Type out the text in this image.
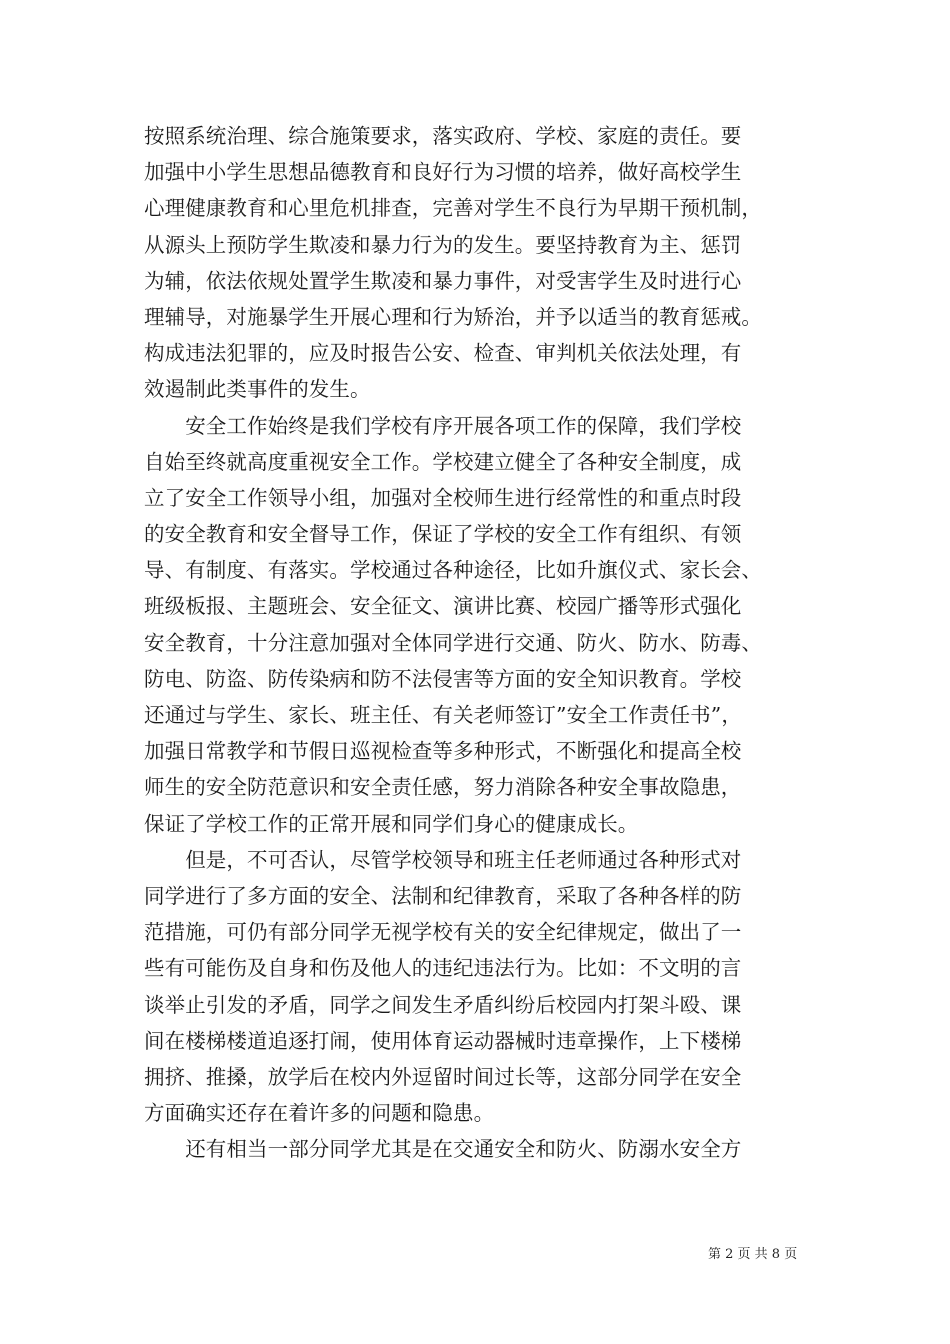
按照系统治理、综合施策要求，落实政府、学校、家庭的责任。要
加强中小学生思想品德教育和良好行为习惯的培养，做好高校学生
心理健康教育和心里危机排查，完善对学生不良行为早期干预机制，
从源头上预防学生欺凌和暴力行为的发生。要坚持教育为主、惩罚
为辅，依法依规处置学生欺凌和暴力事件，对受害学生及时进行心
理辅导，对施暴学生开展心理和行为矫治，并予以适当的教育惩戒。
构成违法犯罪的，应及时报告公安、检查、审判机关依法处理，有
效遏制此类事件的发生。
　　安全工作始终是我们学校有序开展各项工作的保障，我们学校
自始至终就高度重视安全工作。学校建立健全了各种安全制度，成
立了安全工作领导小组，加强对全校师生进行经常性的和重点时段
的安全教育和安全督导工作，保证了学校的安全工作有组织、有领
导、有制度、有落实。学校通过各种途径，比如升旗仪式、家长会、
班级板报、主题班会、安全征文、演讲比赛、校园广播等形式强化
安全教育，十分注意加强对全体同学进行交通、防火、防水、防毒、
防电、防盗、防传染病和防不法侵害等方面的安全知识教育。学校
还通过与学生、家长、班主任、有关老师签订”安全工作责任书”，
加强日常教学和节假日巡视检查等多种形式，不断强化和提高全校
师生的安全防范意识和安全责任感，努力消除各种安全事故隐患，
保证了学校工作的正常开展和同学们身心的健康成长。
　　但是，不可否认，尽管学校领导和班主任老师通过各种形式对
同学进行了多方面的安全、法制和纪律教育，采取了各种各样的防
范措施，可仍有部分同学无视学校有关的安全纪律规定，做出了一
些有可能伤及自身和伤及他人的违纪违法行为。比如：不文明的言
谈举止引发的矛盾，同学之间发生矛盾纠纷后校园内打架斗殴、课
间在楼梯楼道追逐打闹，使用体育运动器械时违章操作，上下楼梯
拥挤、推搡，放学后在校内外逗留时间过长等，这部分同学在安全
方面确实还存在着许多的问题和隐患。
　　还有相当一部分同学尤其是在交通安全和防火、防溺水安全方
第 2 页 共 8 页
